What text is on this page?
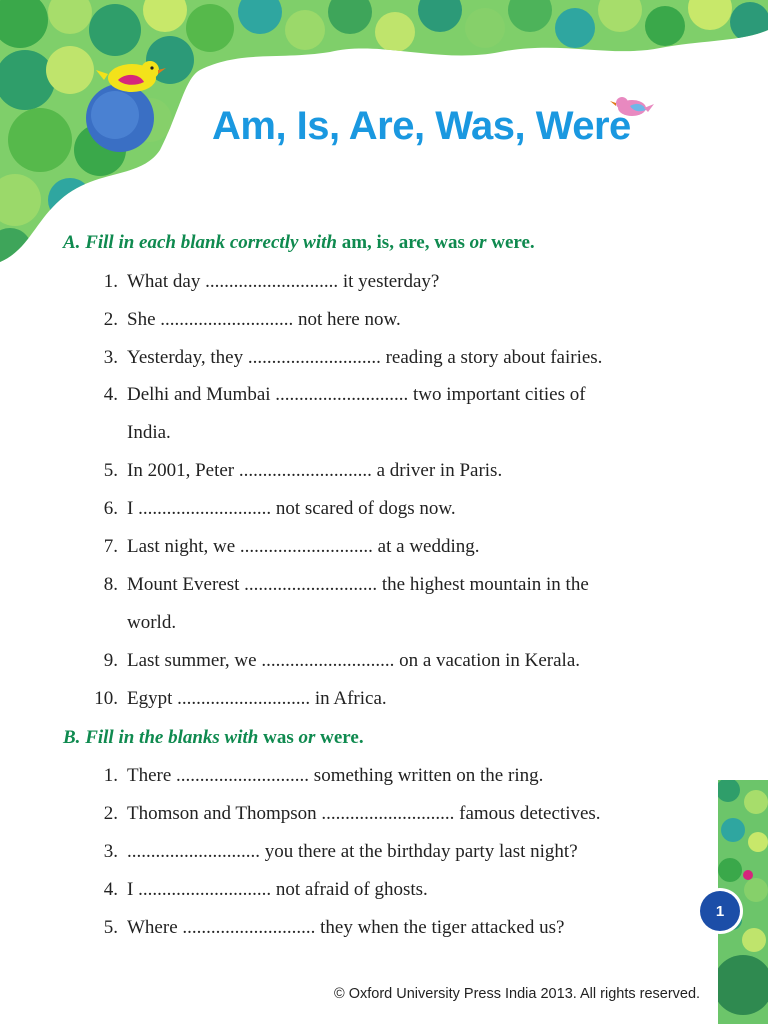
Am, Is, Are, Was, Were
A. Fill in each blank correctly with am, is, are, was or were.
1. What day ............................ it yesterday?
2. She ............................ not here now.
3. Yesterday, they ............................ reading a story about fairies.
4. Delhi and Mumbai ............................ two important cities of
India.
5. In 2001, Peter ............................ a driver in Paris.
6. I ............................ not scared of dogs now.
7. Last night, we ............................ at a wedding.
8. Mount Everest ............................ the highest mountain in the
world.
9. Last summer, we ............................ on a vacation in Kerala.
10. Egypt ............................ in Africa.
B. Fill in the blanks with was or were.
1. There ............................ something written on the ring.
2. Thomson and Thompson ............................ famous detectives.
3. ............................ you there at the birthday party last night?
4. I ............................ not afraid of ghosts.
5. Where ............................ they when the tiger attacked us?
1
© Oxford University Press India 2013. All rights reserved.
